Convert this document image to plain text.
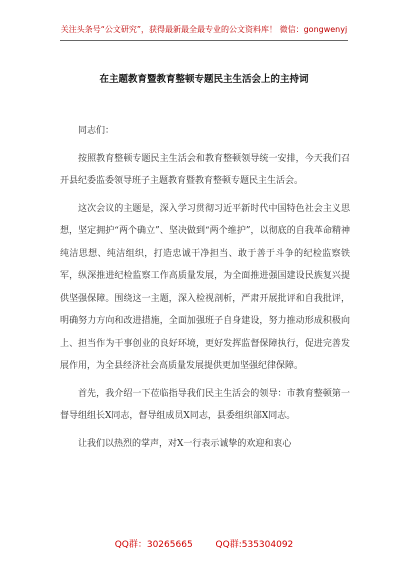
关注头条号“公文研究”，获得最新最全最专业的公文资料库！ 微信：gongwenyj
在主题教育暨教育整顿专题民主生活会上的主持词

同志们：

按照教育整顿专题民主生活会和教育整顿领导统一安排，今天我们召开县纪委监委领导班子主题教育暨教育整顿专题民主生活会。

这次会议的主题是，深入学习贯彻习近平新时代中国特色社会主义思想，坚定拥护“两个确立”、坚决做到“两个维护”，以彻底的自我革命精神纯洁思想、纯洁组织，打造忠诚干净担当、敢于善于斗争的纪检监察铁军，纵深推进纪检监察工作高质量发展，为全面推进强国建设民族复兴提供坚强保障。围绕这一主题，深入检视剖析，严肃开展批评和自我批评，明确努力方向和改进措施，全面加强班子自身建设，努力推动形成积极向上、担当作为干事创业的良好环境，更好发挥监督保障执行，促进完善发展作用，为全县经济社会高质量发展提供更加坚强纪律保障。

首先，我介绍一下莅临指导我们民主生活会的领导：市教育整顿第一督导组组长X同志，督导组成员X同志，县委组织部X同志。

让我们以热烈的掌声，对X一行表示诚挚的欢迎和衷心

QQ群：30265665	QQ群:535304092
